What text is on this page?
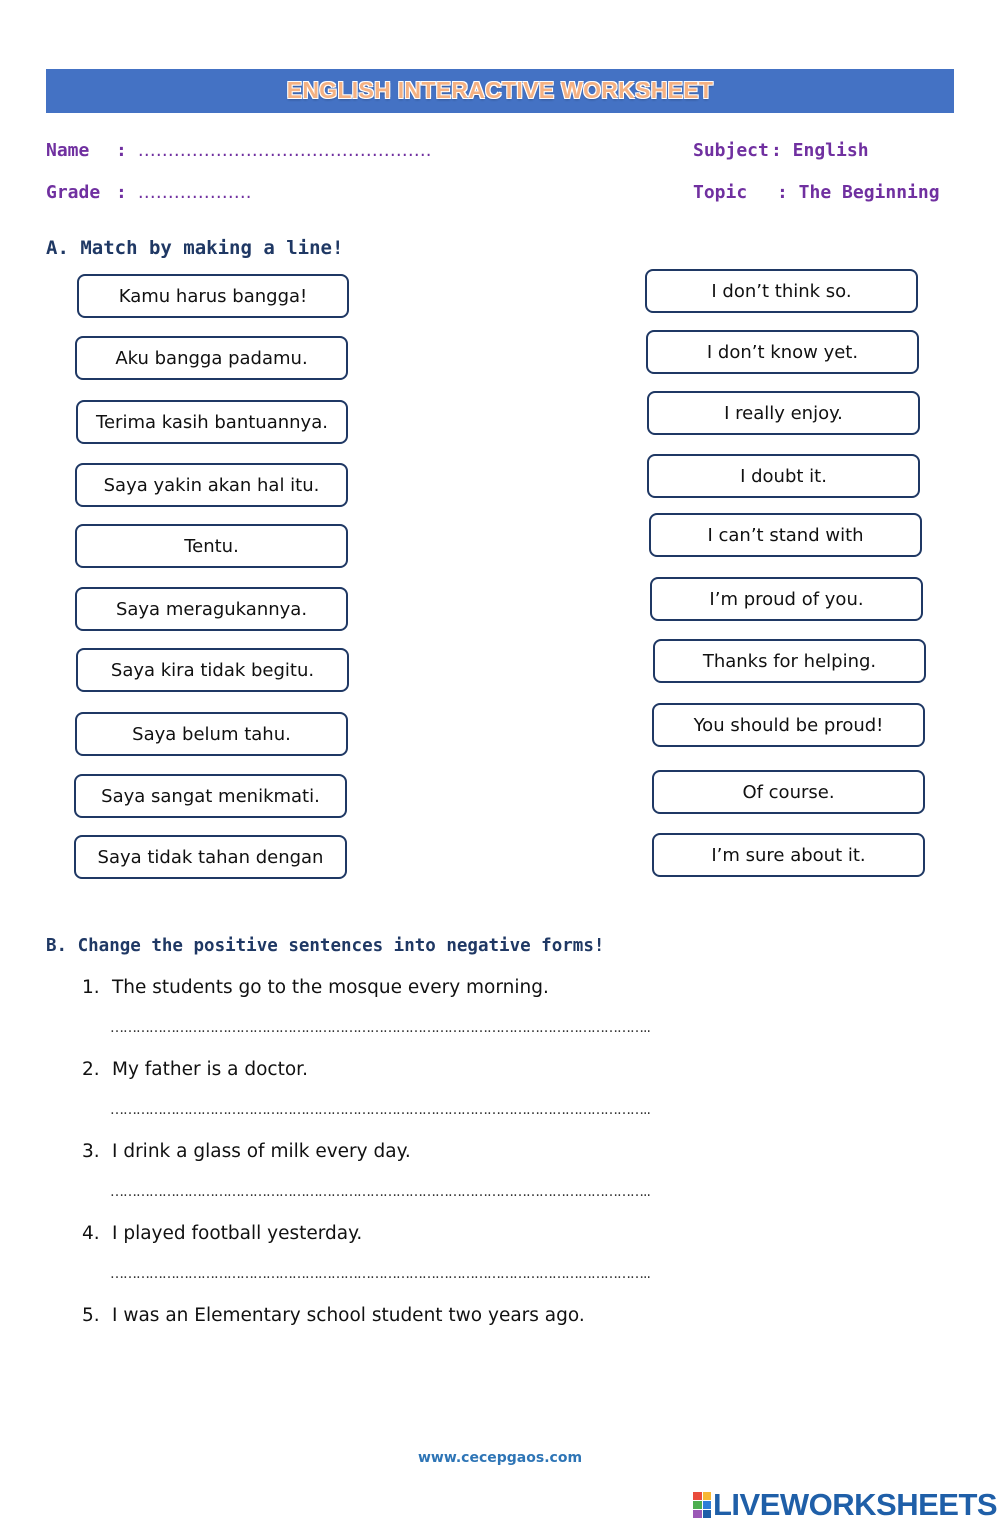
ENGLISH INTERACTIVE WORKSHEET
Name : ………………………………………….
Grade : ……………….
Subject : English
Topic : The Beginning
A. Match by making a line!
Kamu harus bangga!
Aku bangga padamu.
Terima kasih bantuannya.
Saya yakin akan hal itu.
Tentu.
Saya meragukannya.
Saya kira tidak begitu.
Saya belum tahu.
Saya sangat menikmati.
Saya tidak tahan dengan
I don’t think so.
I don’t know yet.
I really enjoy.
I doubt it.
I can’t stand with
I’m proud of you.
Thanks for helping.
You should be proud!
Of course.
I’m sure about it.
B. Change the positive sentences into negative forms!
1. The students go to the mosque every morning.
……………………………………………………………………………………………………………..
2. My father is a doctor.
……………………………………………………………………………………………………………..
3. I drink a glass of milk every day.
……………………………………………………………………………………………………………..
4. I played football yesterday.
……………………………………………………………………………………………………………..
5. I was an Elementary school student two years ago.
www.cecepgaos.com
LIVEWORKSHEETS
